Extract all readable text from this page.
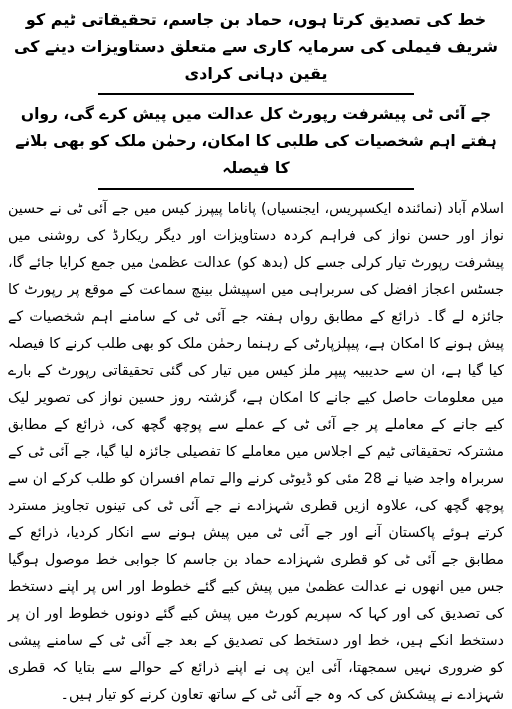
خط کی تصدیق کرتا ہوں، حماد بن جاسم، تحقیقاتی ٹیم کو شریف فیملی کی سرمایہ کاری سے متعلق دستاویزات دینے کی یقین دہانی کرادی
جے آئی ٹی پیشرفت رپورٹ کل عدالت میں پیش کرے گی، رواں ہفتے اہم شخصیات کی طلبی کا امکان، رحمٰن ملک کو بھی بلانے کا فیصلہ

اسلام آباد (نمائندہ ایکسپریس، ایجنسیاں) پاناما پیپرز کیس میں جے آئی ٹی نے حسین نواز اور حسن نواز کی فراہم کردہ دستاویزات اور دیگر ریکارڈ کی روشنی میں پیشرفت رپورٹ تیار کرلی جسے کل (بدھ کو) عدالت عظمیٰ میں جمع کرایا جائے گا، جسٹس اعجاز افضل کی سربراہی میں اسپیشل بینچ سماعت کے موقع پر رپورٹ کا جائزہ لے گا۔ ذرائع کے مطابق رواں ہفتہ جے آئی ٹی کے سامنے اہم شخصیات کے پیش ہونے کا امکان ہے، پیپلزپارٹی کے رہنما رحمٰن ملک کو بھی طلب کرنے کا فیصلہ کیا گیا ہے، ان سے حدیبیہ پیپر ملز کیس میں تیار کی گئی تحقیقاتی رپورٹ کے بارے میں معلومات حاصل کیے جانے کا امکان ہے، گزشتہ روز حسین نواز کی تصویر لیک کیے جانے کے معاملے پر جے آئی ٹی کے عملے سے پوچھ گچھ کی، ذرائع کے مطابق مشترکہ تحقیقاتی ٹیم کے اجلاس میں معاملے کا تفصیلی جائزہ لیا گیا، جے آئی ٹی کے سربراہ واجد ضیا نے 28 مئی کو ڈیوٹی کرنے والے تمام افسران کو طلب کرکے ان سے پوچھ گچھ کی، علاوہ ازیں قطری شہزادے نے جے آئی ٹی کی تینوں تجاویز مسترد کرتے ہوئے پاکستان آنے اور جے آئی ٹی میں پیش ہونے سے انکار کردیا، ذرائع کے مطابق جے آئی ٹی کو قطری شہزادے حماد بن جاسم کا جوابی خط موصول ہوگیا جس میں انھوں نے عدالت عظمیٰ میں پیش کیے گئے خطوط اور اس پر اپنے دستخط کی تصدیق کی اور کہا کہ سپریم کورٹ میں پیش کیے گئے دونوں خطوط اور ان پر دستخط انکے ہیں، خط اور دستخط کی تصدیق کے بعد جے آئی ٹی کے سامنے پیشی کو ضروری نہیں سمجھتا، آئی این پی نے اپنے ذرائع کے حوالے سے بتایا کہ قطری شہزادے نے پیشکش کی کہ وہ جے آئی ٹی کے ساتھ تعاون کرنے کو تیار ہیں۔
